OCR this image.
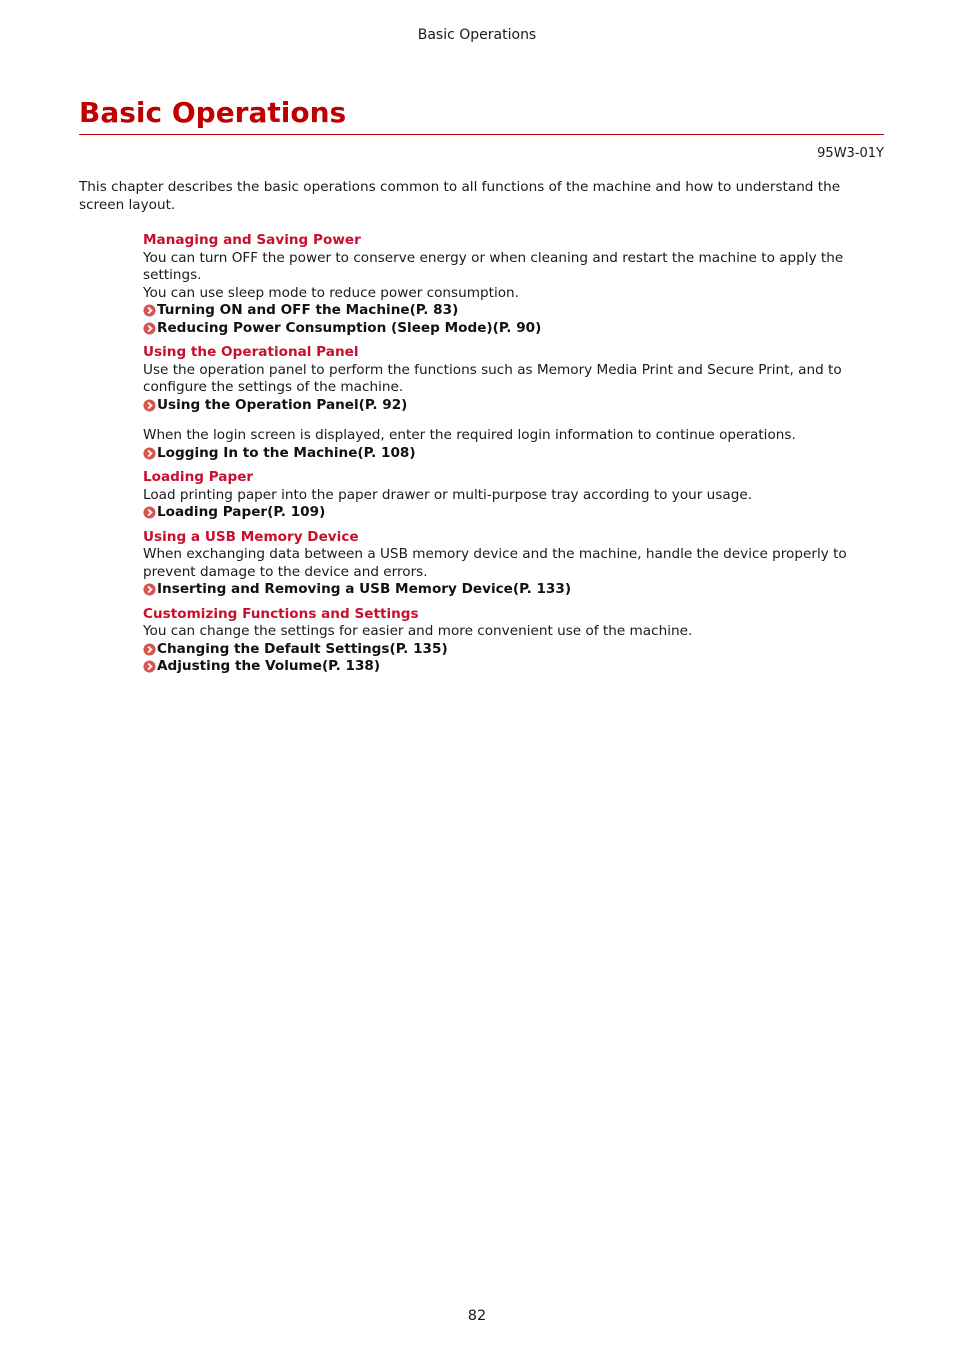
Basic Operations
Basic Operations
95W3-01Y

This chapter describes the basic operations common to all functions of the machine and how to understand the screen layout.

Managing and Saving Power

You can turn OFF the power to conserve energy or when cleaning and restart the machine to apply the settings.

You can use sleep mode to reduce power consumption.

Turning ON and OFF the Machine(P. 83)
Reducing Power Consumption (Sleep Mode)(P. 90)
Using the Operational Panel

Use the operation panel to perform the functions such as Memory Media Print and Secure Print, and to configure the settings of the machine.

Using the Operation Panel(P. 92)

When the login screen is displayed, enter the required login information to continue operations.

Logging In to the Machine(P. 108)
Loading Paper

Load printing paper into the paper drawer or multi-purpose tray according to your usage.

Loading Paper(P. 109)
Using a USB Memory Device

When exchanging data between a USB memory device and the machine, handle the device properly to prevent damage to the device and errors.

Inserting and Removing a USB Memory Device(P. 133)
Customizing Functions and Settings

You can change the settings for easier and more convenient use of the machine.

Changing the Default Settings(P. 135)
Adjusting the Volume(P. 138)
82
